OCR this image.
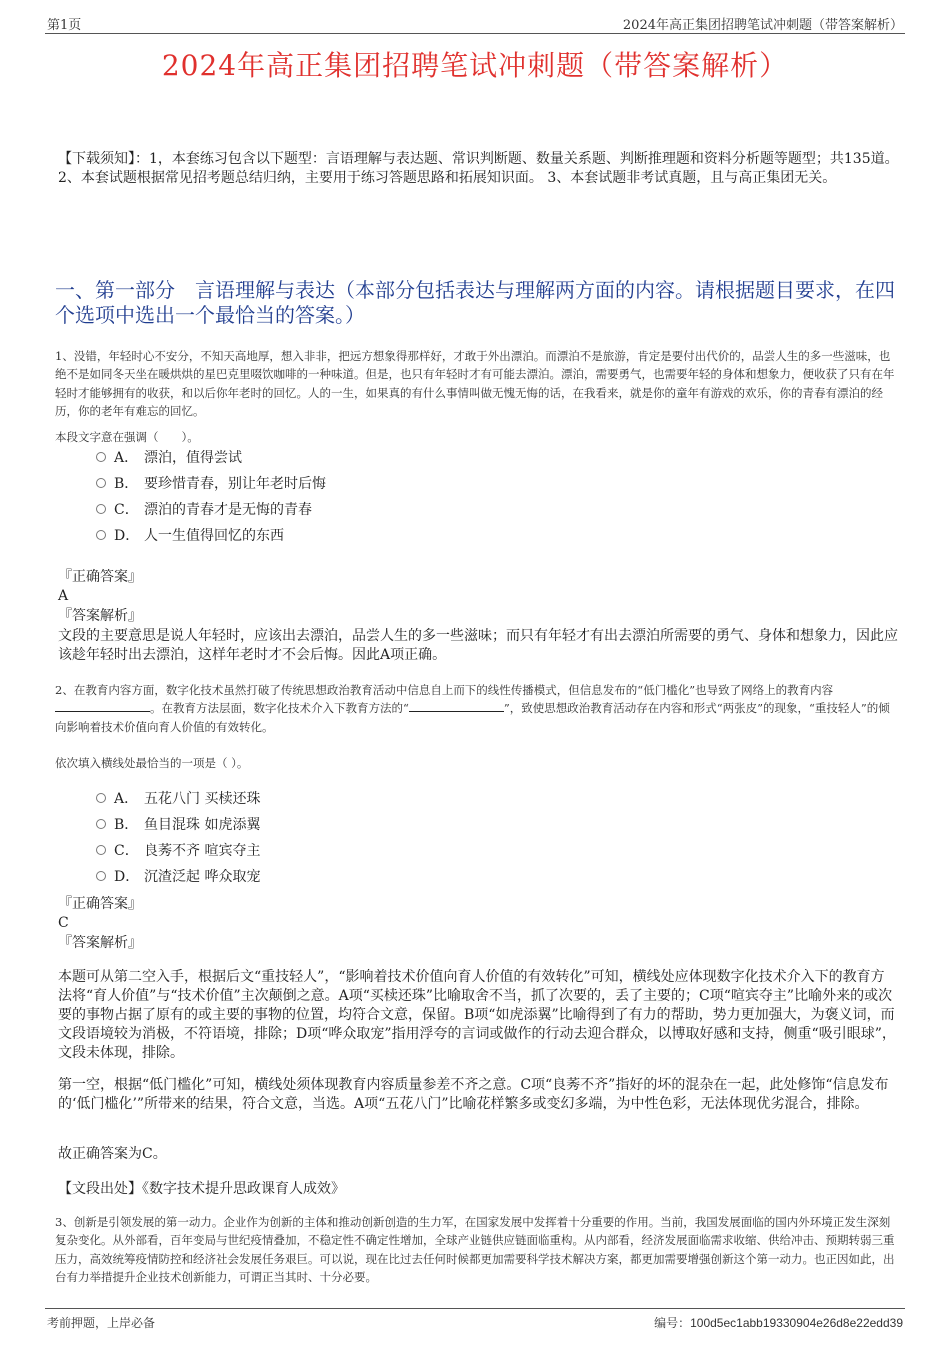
第1页	2024年高正集团招聘笔试冲刺题（带答案解析）
2024年高正集团招聘笔试冲刺题（带答案解析）
【下载须知】：1，本套练习包含以下题型：言语理解与表达题、常识判断题、数量关系题、判断推理题和资料分析题等题型；共135道。 2、本套试题根据常见招考题总结归纳，主要用于练习答题思路和拓展知识面。 3、本套试题非考试真题，且与高正集团无关。
一、第一部分　言语理解与表达（本部分包括表达与理解两方面的内容。请根据题目要求，在四个选项中选出一个最恰当的答案。）
1、没错，年轻时心不安分，不知天高地厚，想入非非，把远方想象得那样好，才敢于外出漂泊。而漂泊不是旅游，肯定是要付出代价的，品尝人生的多一些滋味，也绝不是如同冬天坐在暖烘烘的星巴克里啜饮咖啡的一种味道。但是，也只有年轻时才有可能去漂泊。漂泊，需要勇气，也需要年轻的身体和想象力，便收获了只有在年轻时才能够拥有的收获，和以后你年老时的回忆。人的一生，如果真的有什么事情叫做无愧无悔的话，在我看来，就是你的童年有游戏的欢乐，你的青春有漂泊的经历，你的老年有难忘的回忆。
本段文字意在强调（　　）。
A． 漂泊，值得尝试
B． 要珍惜青春，别让年老时后悔
C． 漂泊的青春才是无悔的青春
D． 人一生值得回忆的东西
『正确答案』
A
『答案解析』
文段的主要意思是说人年轻时，应该出去漂泊，品尝人生的多一些滋味；而只有年轻才有出去漂泊所需要的勇气、身体和想象力，因此应该趁年轻时出去漂泊，这样年老时才不会后悔。因此A项正确。
2、在教育内容方面，数字化技术虽然打破了传统思想政治教育活动中信息自上而下的线性传播模式，但信息发布的“低门槛化”也导致了网络上的教育内容。在教育方法层面，数字化技术介入下教育方法的“	”，致使思想政治教育活动存在内容和形式“两张皮”的现象，“重技轻人”的倾向影响着技术价值向育人价值的有效转化。
依次填入横线处最恰当的一项是（ ）。
A． 五花八门 买椟还珠
B． 鱼目混珠 如虎添翼
C． 良莠不齐 喧宾夺主
D． 沉渣泛起 哗众取宠
『正确答案』
C
『答案解析』
本题可从第二空入手，根据后文“重技轻人”，“影响着技术价值向育人价值的有效转化”可知，横线处应体现数字化技术介入下的教育方法将“育人价值”与“技术价值”主次颠倒之意。A项“买椟还珠”比喻取舍不当，抓了次要的，丢了主要的；C项“喧宾夺主”比喻外来的或次要的事物占据了原有的或主要的事物的位置，均符合文意，保留。B项“如虎添翼”比喻得到了有力的帮助，势力更加强大，为褒义词，而文段语境较为消极，不符语境，排除；D项“哗众取宠”指用浮夸的言词或做作的行动去迎合群众，以博取好感和支持，侧重“吸引眼球”，文段未体现，排除。
第一空，根据“低门槛化”可知，横线处须体现教育内容质量参差不齐之意。C项“良莠不齐”指好的坏的混杂在一起，此处修饰“信息发布的‘低门槛化’”所带来的结果，符合文意，当选。A项“五花八门”比喻花样繁多或变幻多端，为中性色彩，无法体现优劣混合，排除。
故正确答案为C。
【文段出处】《数字技术提升思政课育人成效》
3、创新是引领发展的第一动力。企业作为创新的主体和推动创新创造的生力军，在国家发展中发挥着十分重要的作用。当前，我国发展面临的国内外环境正发生深刻复杂变化。从外部看，百年变局与世纪疫情叠加，不稳定性不确定性增加，全球产业链供应链面临重构。从内部看，经济发展面临需求收缩、供给冲击、预期转弱三重压力，高效统筹疫情防控和经济社会发展任务艰巨。可以说，现在比过去任何时候都更加需要科学技术解决方案，都更加需要增强创新这个第一动力。也正因如此，出台有力举措提升企业技术创新能力，可谓正当其时、十分必要。
考前押题，上岸必备	编号：100d5ec1abb19330904e26d8e22edd39
